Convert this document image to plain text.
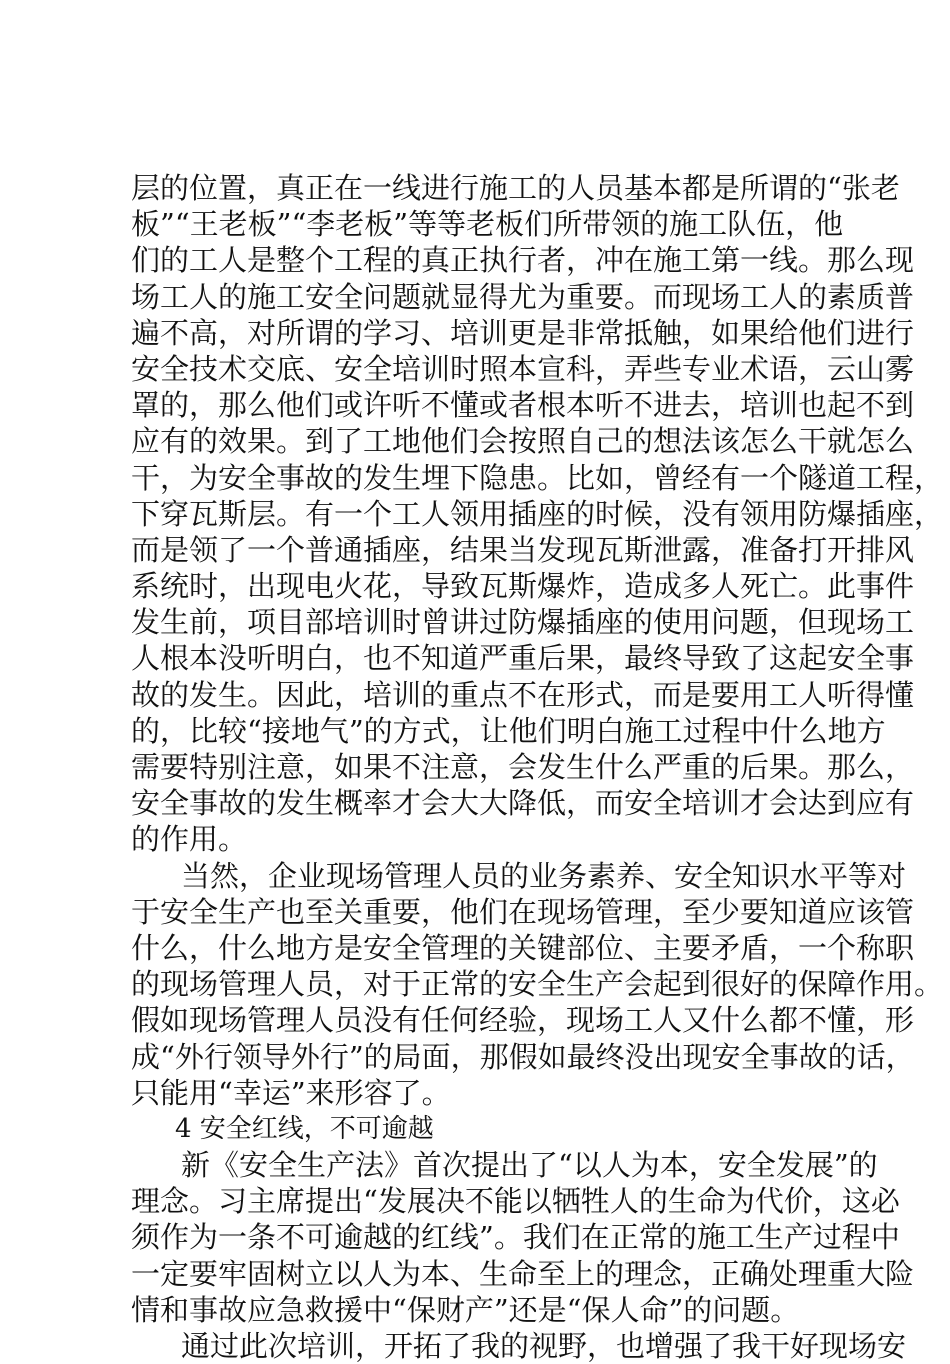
层的位置，真正在一线进行施工的人员基本都是所谓的“张老
板”“王老板”“李老板”等等老板们所带领的施工队伍，他
们的工人是整个工程的真正执行者，冲在施工第一线。那么现
场工人的施工安全问题就显得尤为重要。而现场工人的素质普
遍不高，对所谓的学习、培训更是非常抵触，如果给他们进行
安全技术交底、安全培训时照本宣科，弄些专业术语，云山雾
罩的，那么他们或许听不懂或者根本听不进去，培训也起不到
应有的效果。到了工地他们会按照自己的想法该怎么干就怎么
干，为安全事故的发生埋下隐患。比如，曾经有一个隧道工程，
下穿瓦斯层。有一个工人领用插座的时候，没有领用防爆插座，
而是领了一个普通插座，结果当发现瓦斯泄露，准备打开排风
系统时，出现电火花，导致瓦斯爆炸，造成多人死亡。此事件
发生前，项目部培训时曾讲过防爆插座的使用问题，但现场工
人根本没听明白，也不知道严重后果，最终导致了这起安全事
故的发生。因此，培训的重点不在形式，而是要用工人听得懂
的，比较“接地气”的方式，让他们明白施工过程中什么地方
需要特别注意，如果不注意，会发生什么严重的后果。那么，
安全事故的发生概率才会大大降低，而安全培训才会达到应有
的作用。
当然，企业现场管理人员的业务素养、安全知识水平等对
于安全生产也至关重要，他们在现场管理，至少要知道应该管
什么，什么地方是安全管理的关键部位、主要矛盾，一个称职
的现场管理人员，对于正常的安全生产会起到很好的保障作用。
假如现场管理人员没有任何经验，现场工人又什么都不懂，形
成“外行领导外行”的局面，那假如最终没出现安全事故的话，
只能用“幸运”来形容了。
4 安全红线，不可逾越
新《安全生产法》首次提出了“以人为本，安全发展”的
理念。习主席提出“发展决不能以牺牲人的生命为代价，这必
须作为一条不可逾越的红线”。我们在正常的施工生产过程中
一定要牢固树立以人为本、生命至上的理念，正确处理重大险
情和事故应急救援中“保财产”还是“保人命”的问题。
通过此次培训，开拓了我的视野，也增强了我干好现场安
